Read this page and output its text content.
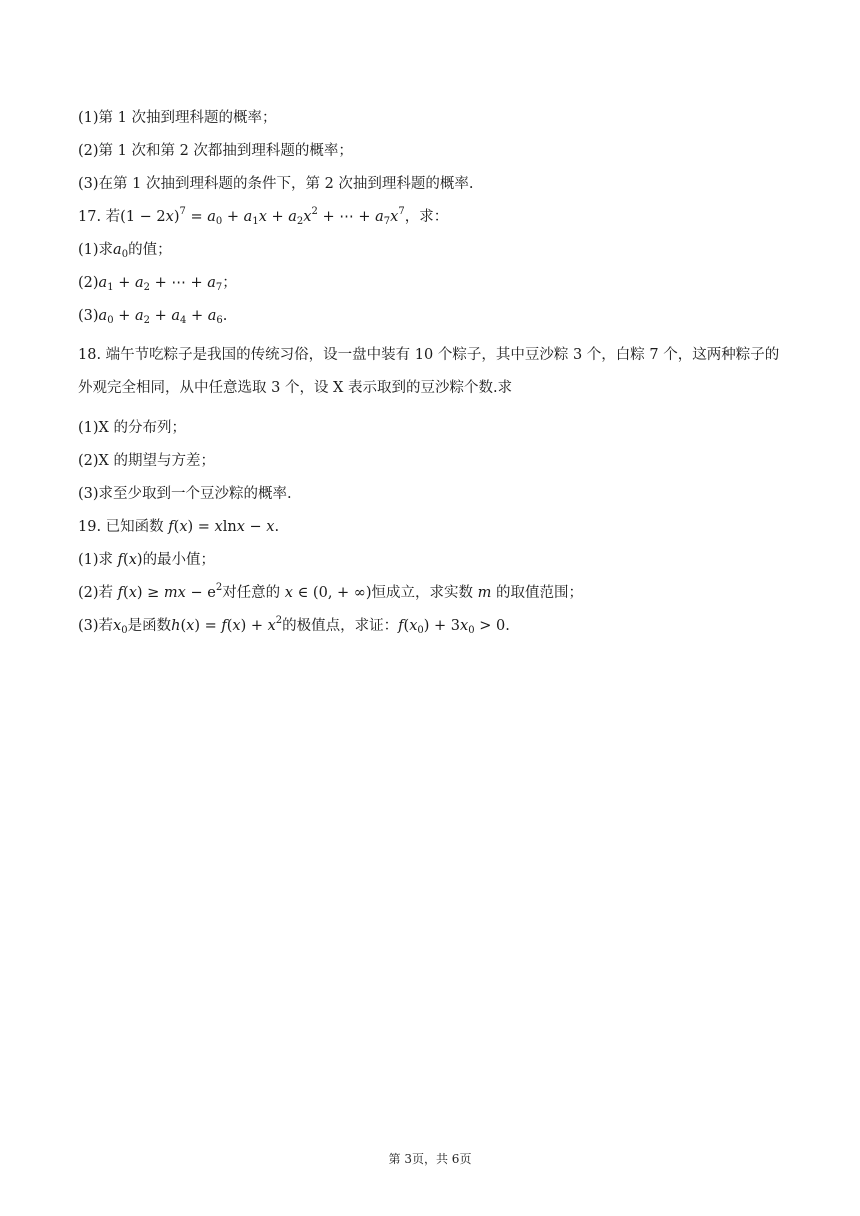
(1)第 1 次抽到理科题的概率；
(2)第 1 次和第 2 次都抽到理科题的概率；
(3)在第 1 次抽到理科题的条件下，第 2 次抽到理科题的概率.
17. 若$(1 - 2x)^7 = a_0 + a_1x + a_2x^2$ + ⋯ + $a_7x^7$，求：
(1)求$a_0$的值；
$(2)a_1 + a_2$ + ⋯ + $a_7$；
$(3)a_0 + a_2 + a_4 + a_6$.
18. 端午节吃粽子是我国的传统习俗，设一盘中装有 10 个粽子，其中豆沙粽 3 个，白粽 7 个，这两种粽子的外观完全相同，从中任意选取 3 个，设 X 表示取到的豆沙粽个数.求
(1)X 的分布列；
(2)X 的期望与方差；
(3)求至少取到一个豆沙粽的概率.
19. 已知函数 f(x) = xlnx − x.
(1)求 f(x)的最小值；
(2)若 f(x) ≥ mx − $e^2$对任意的 x ∈ (0, + ∞)恒成立，求实数 m 的取值范围；
(3)若$x_0$是函数$h(x) = f(x) + x^2$的极值点，求证：$f(x_0) + 3x_0 > 0$.
第 3页，共 6页
